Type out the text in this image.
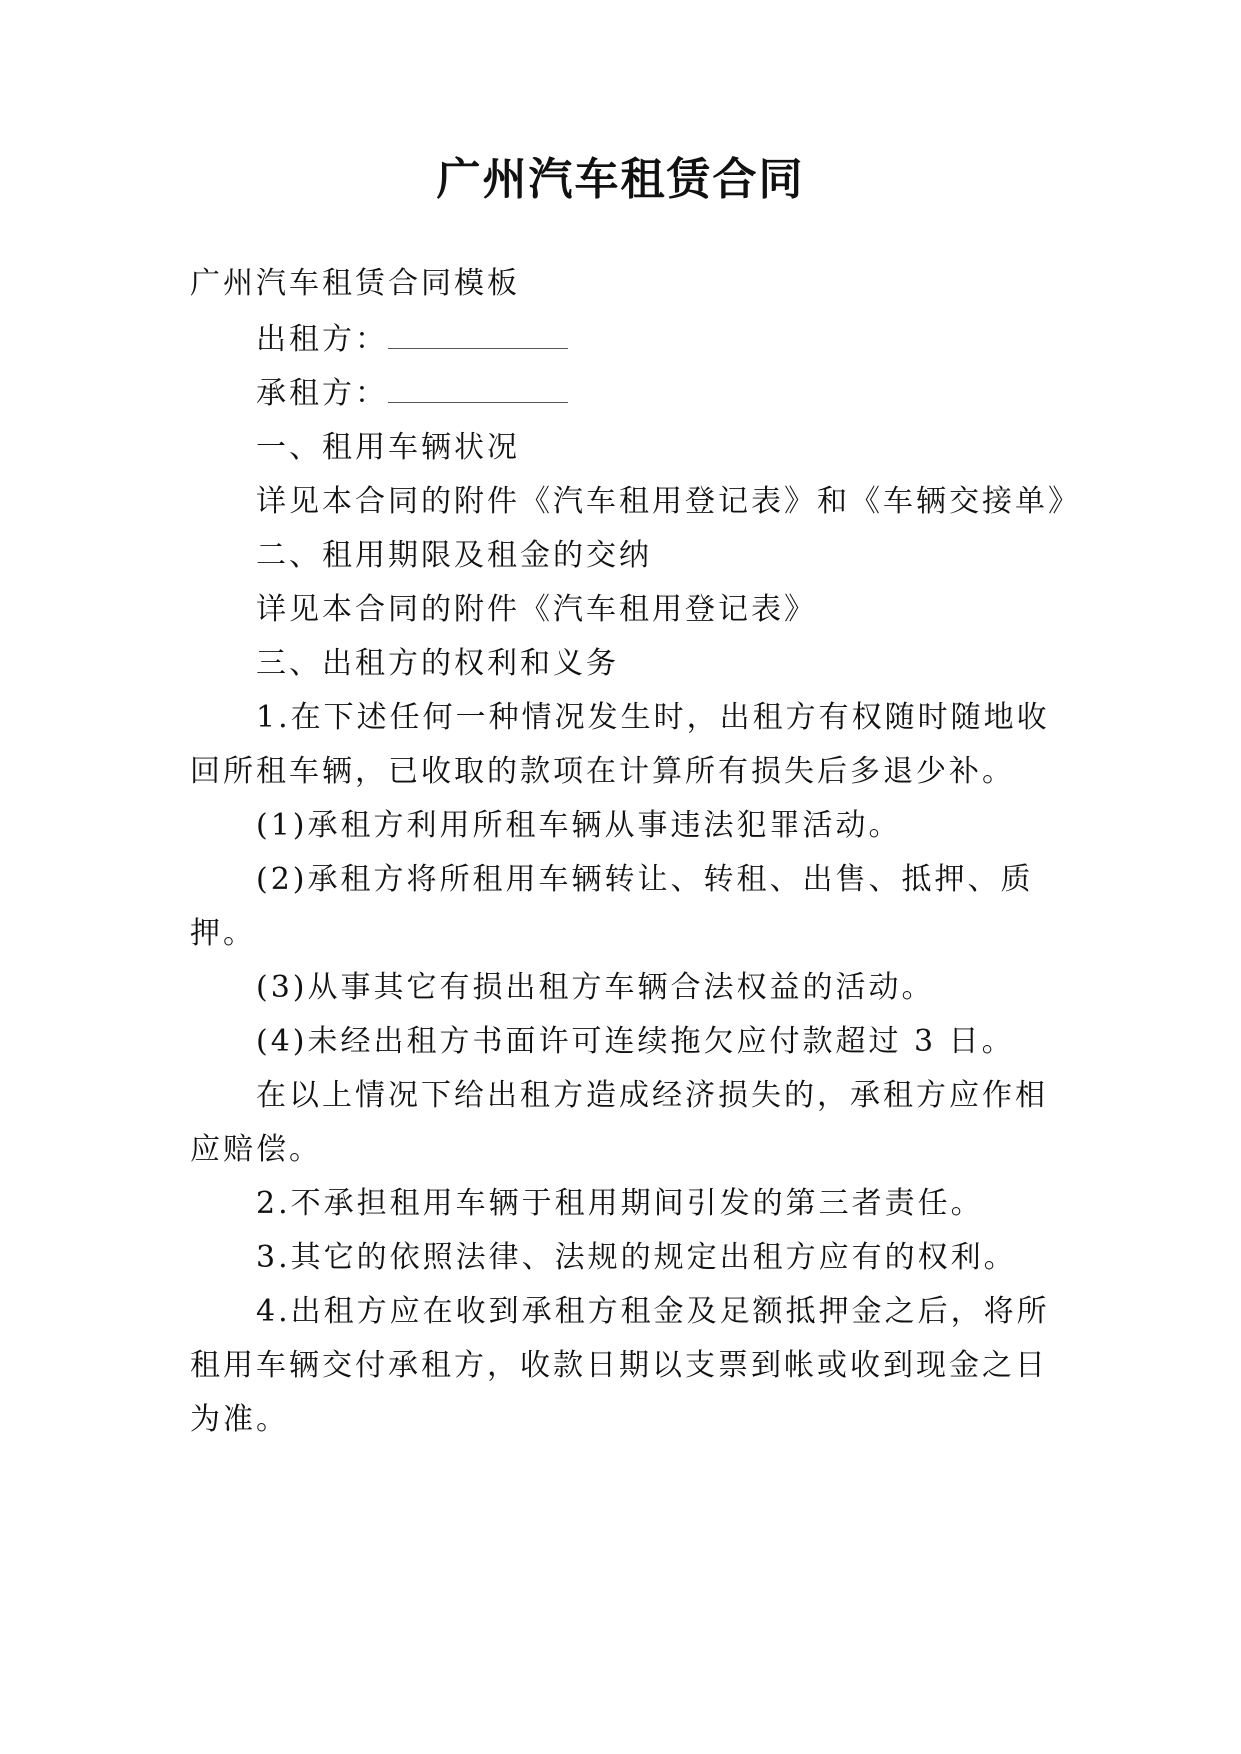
广州汽车租赁合同
广州汽车租赁合同模板
出租方：
承租方：
一、租用车辆状况
详见本合同的附件《汽车租用登记表》和《车辆交接单》
二、租用期限及租金的交纳
详见本合同的附件《汽车租用登记表》
三、出租方的权利和义务
1.在下述任何一种情况发生时，出租方有权随时随地收
回所租车辆，已收取的款项在计算所有损失后多退少补。
(1)承租方利用所租车辆从事违法犯罪活动。
(2)承租方将所租用车辆转让、转租、出售、抵押、质
押。
(3)从事其它有损出租方车辆合法权益的活动。
(4)未经出租方书面许可连续拖欠应付款超过 3 日。
在以上情况下给出租方造成经济损失的，承租方应作相
应赔偿。
2.不承担租用车辆于租用期间引发的第三者责任。
3.其它的依照法律、法规的规定出租方应有的权利。
4.出租方应在收到承租方租金及足额抵押金之后，将所
租用车辆交付承租方，收款日期以支票到帐或收到现金之日
为准。
